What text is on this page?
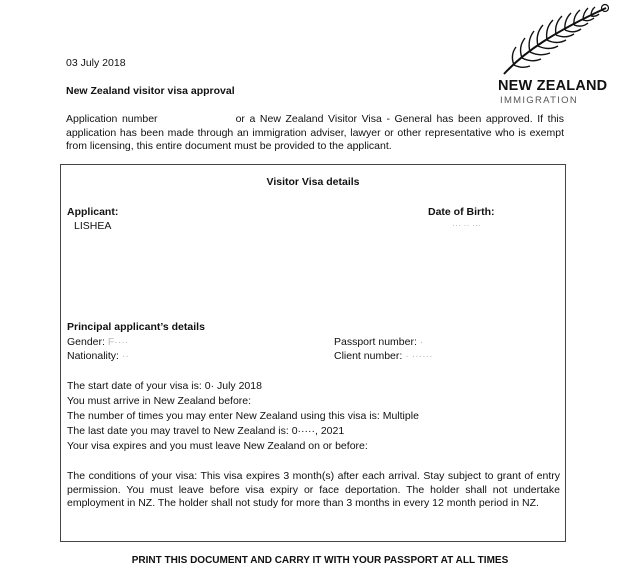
NEW ZEALAND
IMMIGRATION
03 July 2018
New Zealand visitor visa approval
Application number	or a New Zealand Visitor Visa - General has been approved. If this application has been made through an immigration adviser, lawyer or other representative who is exempt from licensing, this entire document must be provided to the applicant.
Visitor Visa details
Applicant:
LISHEA
Date of Birth:
··· ·· ···
Principal applicant’s details
Gender: F····
Nationality: ··
Passport number: ·
Client number: · ······
The start date of your visa is: 0· July 2018
You must arrive in New Zealand before:
The number of times you may enter New Zealand using this visa is: Multiple
The last date you may travel to New Zealand is: 0·····, 2021
Your visa expires and you must leave New Zealand on or before:
The conditions of your visa: This visa expires 3 month(s) after each arrival. Stay subject to grant of entry permission. You must leave before visa expiry or face deportation. The holder shall not undertake employment in NZ. The holder shall not study for more than 3 months in every 12 month period in NZ.
PRINT THIS DOCUMENT AND CARRY IT WITH YOUR PASSPORT AT ALL TIMES
